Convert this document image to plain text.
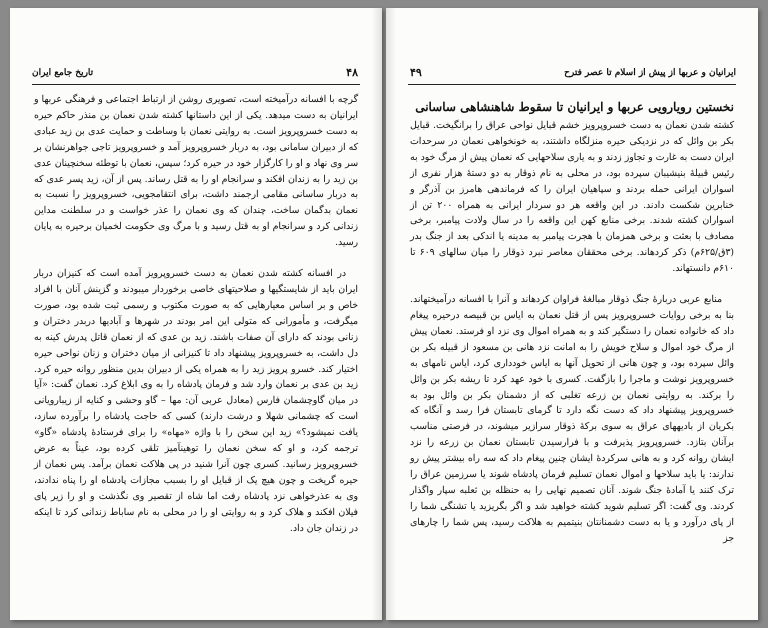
تاریخ جامع ایران	۴۸

گرچه با افسانه درآمیخته است، تصویری روشن از ارتباط اجتماعی و فرهنگی عربها و ایرانیان به دست میدهد. یکی از این داستانها کشته شدن نعمان بن منذر حاکم حیره به دست خسروپرویز است. به روایتی نعمان با وساطت و حمایت عدی بن زید عبادی که از دبیران سامانی بود، به دربار خسروپرویز آمد و خسروپرویز تاجی جواهرنشان بر سر وی نهاد و او را کارگزار خود در حیره کرد؛ سپس، نعمان با توطئه سخنچینان عدی بن زید را به زندان افکند و سرانجام او را به قتل رساند. پس از آن، زید پسر عدی که به دربار ساسانی مقامی ارجمند داشت، برای انتقامجویی، خسروپرویز را نسبت به نعمان بدگمان ساخت، چندان که وی نعمان را عذر خواست و در سلطنت مداین زندانی کرد و سرانجام او به قتل رسید و با مرگ وی حکومت لخمیان برحیره به پایان رسید.

در افسانه کشته شدن نعمان به دست خسروپرویز آمده است که کنیزان دربار ایران باید از شایستگیها و صلاحیتهای خاصی برخوردار میبودند و گزینش آنان با افراد خاص و بر اساس معیارهایی که به صورت مکتوب و رسمی ثبت شده بود، صورت میگرفت، و مأمورانی که متولی این امر بودند در شهرها و آبادیها دربدر دختران و زنانی بودند که دارای آن صفات باشند. زید بن عدی که از نعمان قاتل پدرش کینه به دل داشت، به خسروپرویز پیشنهاد داد تا کنیزانی از میان دختران و زنان نواحی حیره اختیار کند. خسرو پرویز زید را به همراه یکی از دبیران بدین منظور روانه حیره کرد. زید بن عدی بر نعمان وارد شد و فرمان پادشاه را به وی ابلاغ کرد. نعمان گفت: «آیا در میان گاوچشمان فارس (معادل عربی آن: مها – گاو وحشی و کنایه از زیبارویانی است که چشمانی شهلا و درشت دارند) کسی که حاجت پادشاه را برآورده سازد، یافت نمیشود؟» زید این سخن را با واژه «مهاه» را برای فرستادهٔ پادشاه «گاو» ترجمه کرد، و او که سخن نعمان را توهینآمیز تلقی کرده بود، عیناً به عرض خسروپرویز رسانید. کسری چون آنرا شنید در پی هلاکت نعمان برآمد. پس نعمان از حیره گریخت و چون هیچ یک از قبایل او را بسبب مجازات پادشاه او را پناه ندادند، وی به عذرخواهی نزد پادشاه رفت اما شاه از تقصیر وی نگذشت و او را زیر پای فیلان افکند و هلاک کرد و به روایتی او را در محلی به نام ساباط زندانی کرد تا اینکه در زندان جان داد.

ایرانیان و عربها از پیش از اسلام تا عصر فترح
۴۹
نخستین رویارویی عربها و ایرانیان تا سقوط شاهنشاهی ساسانی

کشته شدن نعمان به دست خسروپرویز خشم قبایل نواحی عراق را برانگیخت. قبایل بکر بن وائل که در نزدیکی حیره منزلگاه داشتند، به خونخواهی نعمان در سرحدات ایران دست به غارت و تجاوز زدند و به یاری سلاحهایی که نعمان پیش از مرگ خود به رئیس قبیلهٔ بنیشیبان سپرده بود، در محلی به نام ذوقار به دو دستهٔ هزار نفری از اسواران ایرانی حمله بردند و سپاهیان ایران را که فرماندهی هامرز بن آذرگر و خنابرین شکست دادند. در این واقعه هر دو سردار ایرانی به همراه ۲۰۰ تن از اسواران کشته شدند. برخی منابع کهن این واقعه را در سال ولادت پیامبر، برخی مصادف با بعثت و برخی همزمان با هجرت پیامبر به مدینه یا اندکی بعد از جنگ بدر (۳ق/۶۲۵م) ذکر کردهاند. برخی محققان معاصر نبرد ذوقار را میان سالهای ۶۰۹ تا ۶۱۰م دانستهاند.

منابع عربی دربارهٔ جنگ ذوقار مبالغهٔ فراوان کردهاند و آنرا با افسانه درآمیختهاند. بنا به برخی روایات خسروپرویز پس از قتل نعمان به ایاس بن قبیصه درحیره پیغام داد که خانواده نعمان را دستگیر کند و به همراه اموال وی نزد او فرستد. نعمان پیش از مرگ خود اموال و سلاح خویش را به امانت نزد هانی بن مسعود از قبیله بکر بن وائل سپرده بود، و چون هانی از تحویل آنها به ایاس خودداری کرد، ایاس نامهای به خسروپرویز نوشت و ماجرا را بازگفت. کسری با خود عهد کرد تا ریشه بکر بن وائل را برکند. به روایتی نعمان بن زرعه تغلبی که از دشمنان بکر بن وائل بود به خسروپرویز پیشنهاد داد که دست نگه دارد تا گرمای تابستان فرا رسد و آنگاه که بکریان از بادیههای عراق به سوی برکهٔ ذوقار سرازیر میشوند، در فرصتی مناسب برآنان بتازد. خسروپرویز پذیرفت و با فرارسیدن تابستان نعمان بن زرعه را نزد ایشان روانه کرد و به هانی سرکردهٔ ایشان چنین پیغام داد که سه راه بیشتر پیش رو ندارند: یا باید سلاحها و اموال نعمان تسلیم فرمان پادشاه شوند یا سرزمین عراق را ترک کنند یا آمادهٔ جنگ شوند. آنان تصمیم نهایی را به حنظله بن ثعلبه سپار واگذار کردند. وی گفت: اگر تسلیم شوید کشته خواهید شد و اگر بگریزید یا تشنگی شما را از پای درآورد و یا به دست دشمنانتان بنیتمیم به هلاکت رسید، پس شما را چارهای جز
